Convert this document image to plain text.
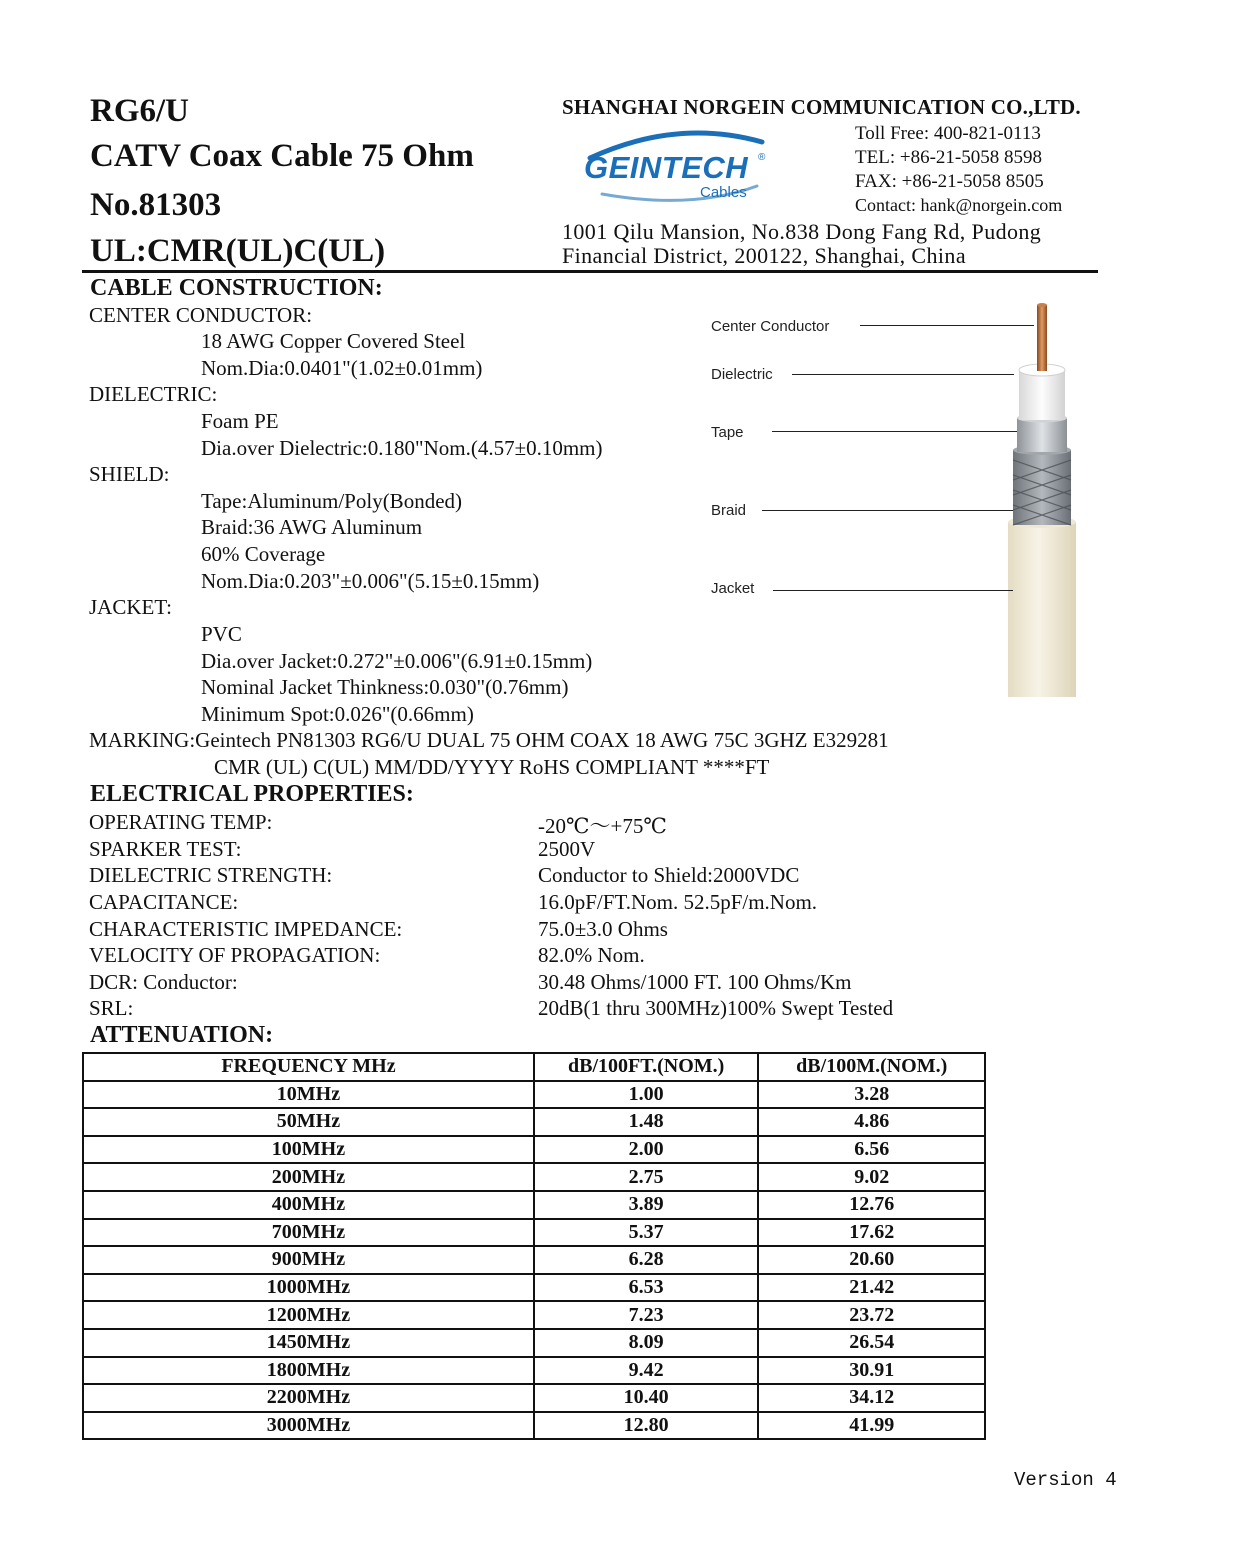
RG6/U
CATV Coax Cable 75 Ohm
No.81303
UL:CMR(UL)C(UL)
SHANGHAI NORGEIN COMMUNICATION CO.,LTD.
GEINTECH ®
Cables
Toll Free: 400-821-0113
TEL: +86-21-5058 8598
FAX: +86-21-5058 8505
Contact: hank@norgein.com
1001 Qilu Mansion, No.838 Dong Fang Rd, Pudong
Financial District, 200122, Shanghai, China
CABLE CONSTRUCTION:
CENTER CONDUCTOR:
18 AWG Copper Covered Steel
Nom.Dia:0.0401"(1.02±0.01mm)
DIELECTRIC:
Foam PE
Dia.over Dielectric:0.180"Nom.(4.57±0.10mm)
SHIELD:
Tape:Aluminum/Poly(Bonded)
Braid:36 AWG Aluminum
60% Coverage
Nom.Dia:0.203"±0.006"(5.15±0.15mm)
JACKET:
PVC
Dia.over Jacket:0.272"±0.006"(6.91±0.15mm)
Nominal Jacket Thinkness:0.030"(0.76mm)
Minimum Spot:0.026"(0.66mm)
MARKING:Geintech PN81303 RG6/U DUAL 75 OHM COAX 18 AWG 75C 3GHZ E329281
CMR (UL) C(UL) MM/DD/YYYY RoHS COMPLIANT ****FT
Center Conductor
Dielectric
Tape
Braid
Jacket
ELECTRICAL PROPERTIES:
OPERATING TEMP:	-20℃～+75℃
SPARKER TEST:	2500V
DIELECTRIC STRENGTH:	Conductor to Shield:2000VDC
CAPACITANCE:	16.0pF/FT.Nom. 52.5pF/m.Nom.
CHARACTERISTIC IMPEDANCE:	75.0±3.0 Ohms
VELOCITY OF PROPAGATION:	82.0% Nom.
DCR: Conductor:	30.48 Ohms/1000 FT. 100 Ohms/Km
SRL:	20dB(1 thru 300MHz)100% Swept Tested
ATTENUATION:
FREQUENCY MHz	dB/100FT.(NOM.)	dB/100M.(NOM.)
10MHz	1.00	3.28
50MHz	1.48	4.86
100MHz	2.00	6.56
200MHz	2.75	9.02
400MHz	3.89	12.76
700MHz	5.37	17.62
900MHz	6.28	20.60
1000MHz	6.53	21.42
1200MHz	7.23	23.72
1450MHz	8.09	26.54
1800MHz	9.42	30.91
2200MHz	10.40	34.12
3000MHz	12.80	41.99
Version 4
